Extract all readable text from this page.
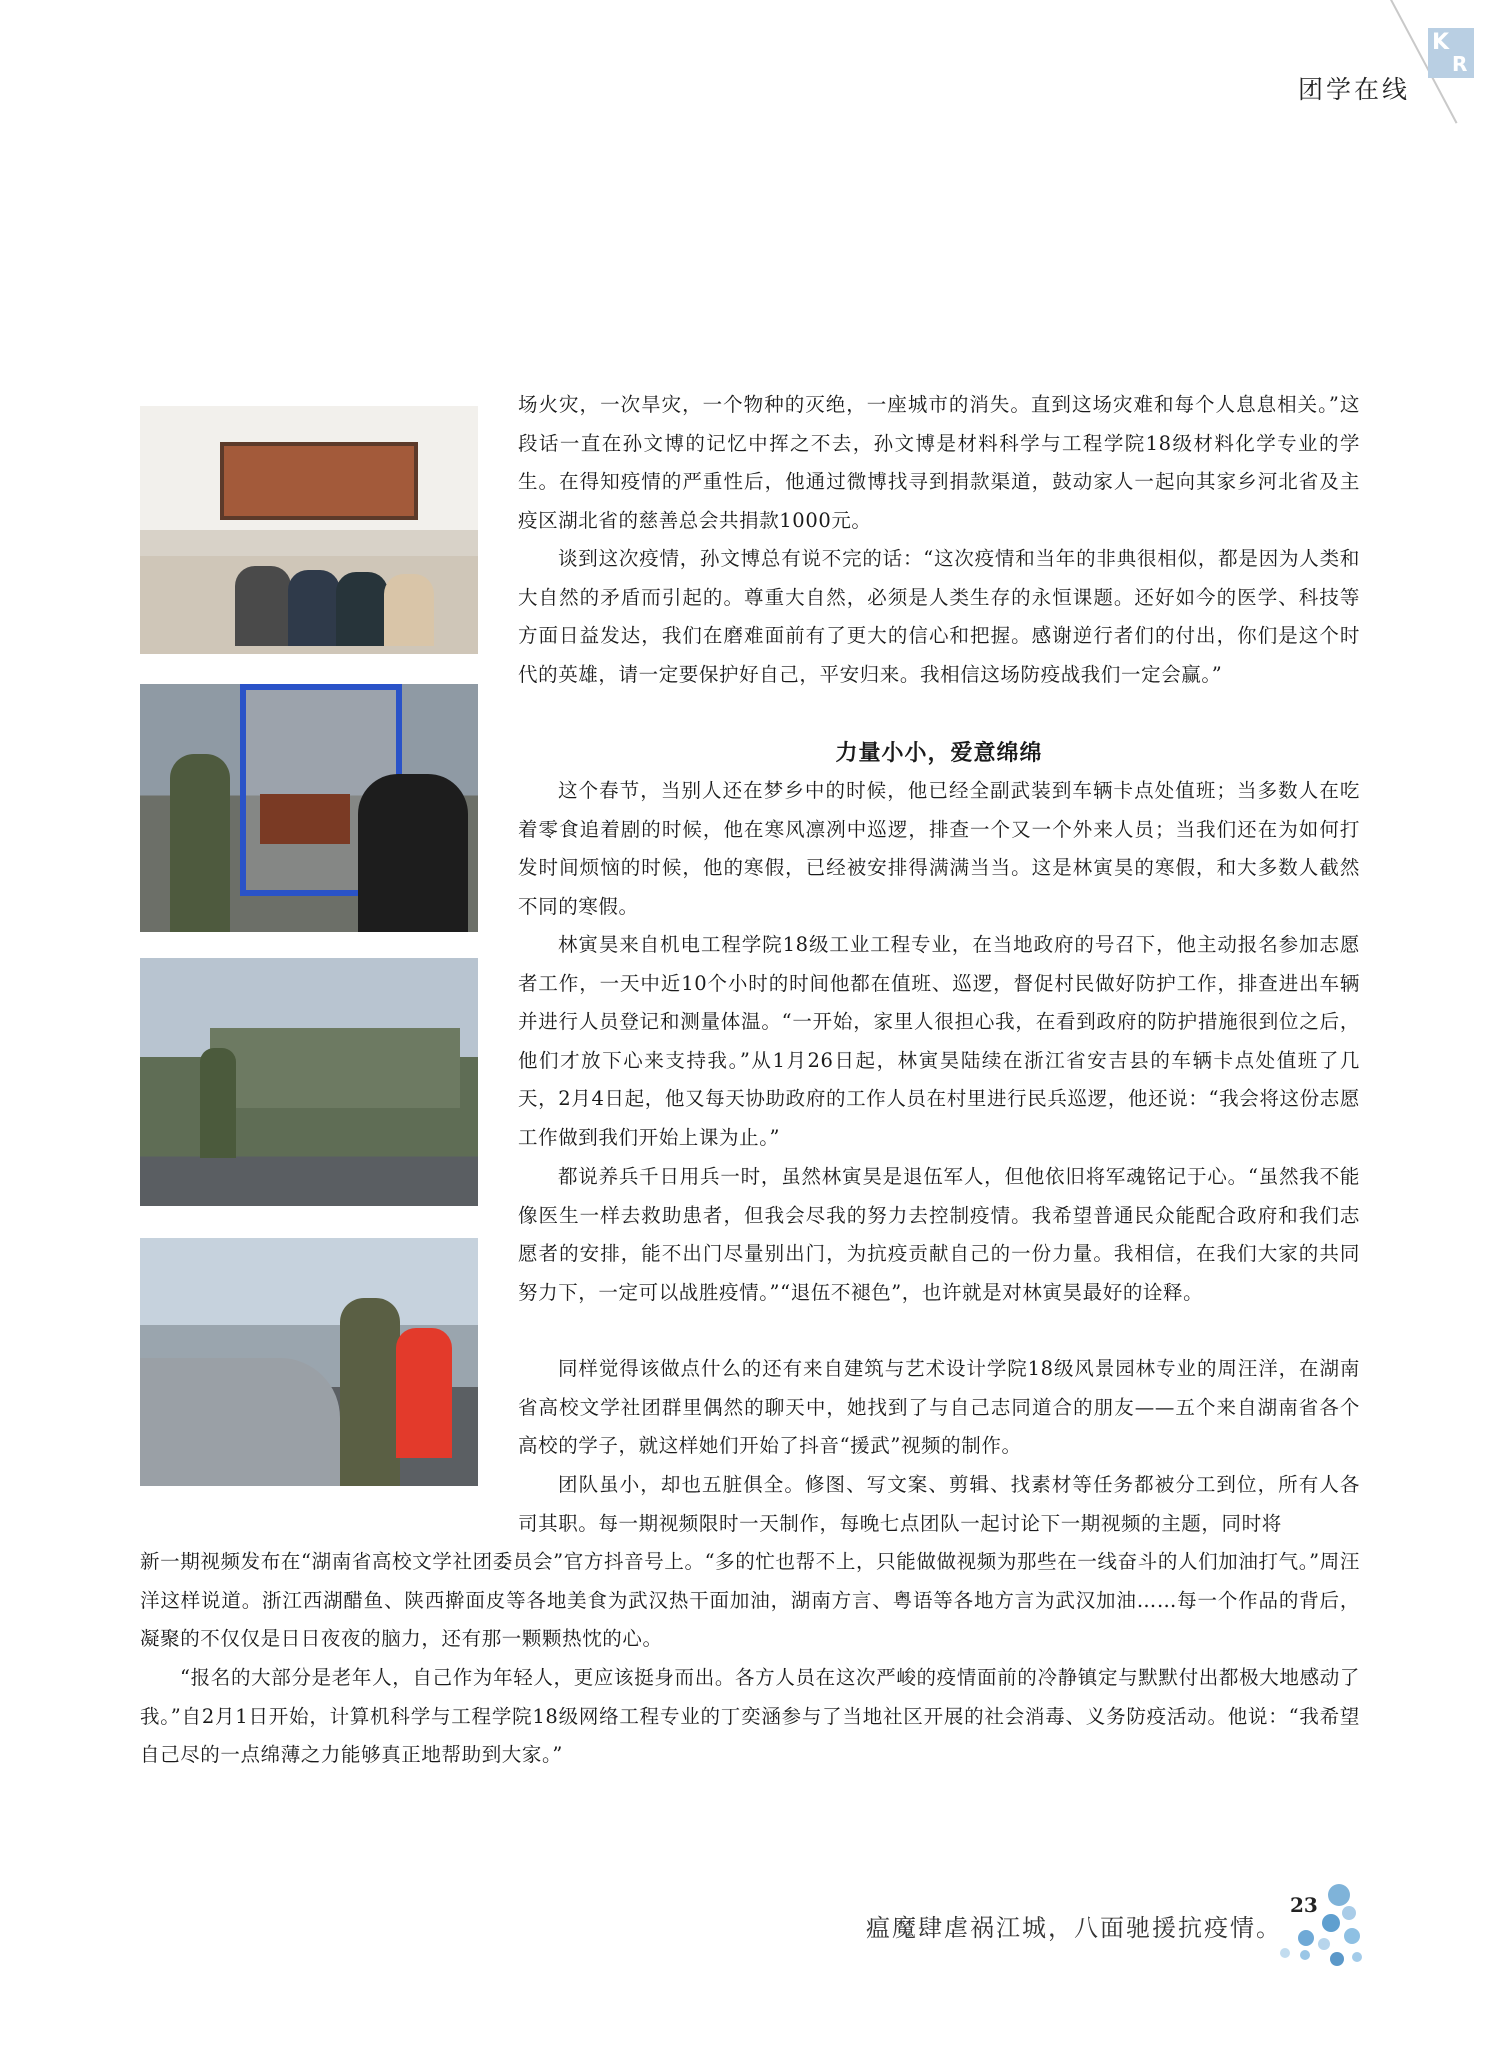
K
R
团学在线
场火灾，一次旱灾，一个物种的灭绝，一座城市的消失。直到这场灾难和每个人息息相关。”这段话一直在孙文博的记忆中挥之不去，孙文博是材料科学与工程学院18级材料化学专业的学生。在得知疫情的严重性后，他通过微博找寻到捐款渠道，鼓动家人一起向其家乡河北省及主疫区湖北省的慈善总会共捐款1000元。
谈到这次疫情，孙文博总有说不完的话：“这次疫情和当年的非典很相似，都是因为人类和大自然的矛盾而引起的。尊重大自然，必须是人类生存的永恒课题。还好如今的医学、科技等方面日益发达，我们在磨难面前有了更大的信心和把握。感谢逆行者们的付出，你们是这个时代的英雄，请一定要保护好自己，平安归来。我相信这场防疫战我们一定会赢。”
力量小小，爱意绵绵
这个春节，当别人还在梦乡中的时候，他已经全副武装到车辆卡点处值班；当多数人在吃着零食追着剧的时候，他在寒风凛冽中巡逻，排查一个又一个外来人员；当我们还在为如何打发时间烦恼的时候，他的寒假，已经被安排得满满当当。这是林寅昊的寒假，和大多数人截然不同的寒假。
林寅昊来自机电工程学院18级工业工程专业，在当地政府的号召下，他主动报名参加志愿者工作，一天中近10个小时的时间他都在值班、巡逻，督促村民做好防护工作，排查进出车辆并进行人员登记和测量体温。“一开始，家里人很担心我，在看到政府的防护措施很到位之后，他们才放下心来支持我。”从1月26日起，林寅昊陆续在浙江省安吉县的车辆卡点处值班了几天，2月4日起，他又每天协助政府的工作人员在村里进行民兵巡逻，他还说：“我会将这份志愿工作做到我们开始上课为止。”
都说养兵千日用兵一时，虽然林寅昊是退伍军人，但他依旧将军魂铭记于心。“虽然我不能像医生一样去救助患者，但我会尽我的努力去控制疫情。我希望普通民众能配合政府和我们志愿者的安排，能不出门尽量别出门，为抗疫贡献自己的一份力量。我相信，在我们大家的共同努力下，一定可以战胜疫情。”“退伍不褪色”，也许就是对林寅昊最好的诠释。
同样觉得该做点什么的还有来自建筑与艺术设计学院18级风景园林专业的周汪洋，在湖南省高校文学社团群里偶然的聊天中，她找到了与自己志同道合的朋友——五个来自湖南省各个高校的学子，就这样她们开始了抖音“援武”视频的制作。
团队虽小，却也五脏俱全。修图、写文案、剪辑、找素材等任务都被分工到位，所有人各司其职。每一期视频限时一天制作，每晚七点团队一起讨论下一期视频的主题，同时将
新一期视频发布在“湖南省高校文学社团委员会”官方抖音号上。“多的忙也帮不上，只能做做视频为那些在一线奋斗的人们加油打气。”周汪洋这样说道。浙江西湖醋鱼、陕西擀面皮等各地美食为武汉热干面加油，湖南方言、粤语等各地方言为武汉加油……每一个作品的背后，凝聚的不仅仅是日日夜夜的脑力，还有那一颗颗热忱的心。
“报名的大部分是老年人，自己作为年轻人，更应该挺身而出。各方人员在这次严峻的疫情面前的冷静镇定与默默付出都极大地感动了我。”自2月1日开始，计算机科学与工程学院18级网络工程专业的丁奕涵参与了当地社区开展的社会消毒、义务防疫活动。他说：“我希望自己尽的一点绵薄之力能够真正地帮助到大家。”
瘟魔肆虐祸江城，八面驰援抗疫情。
23
